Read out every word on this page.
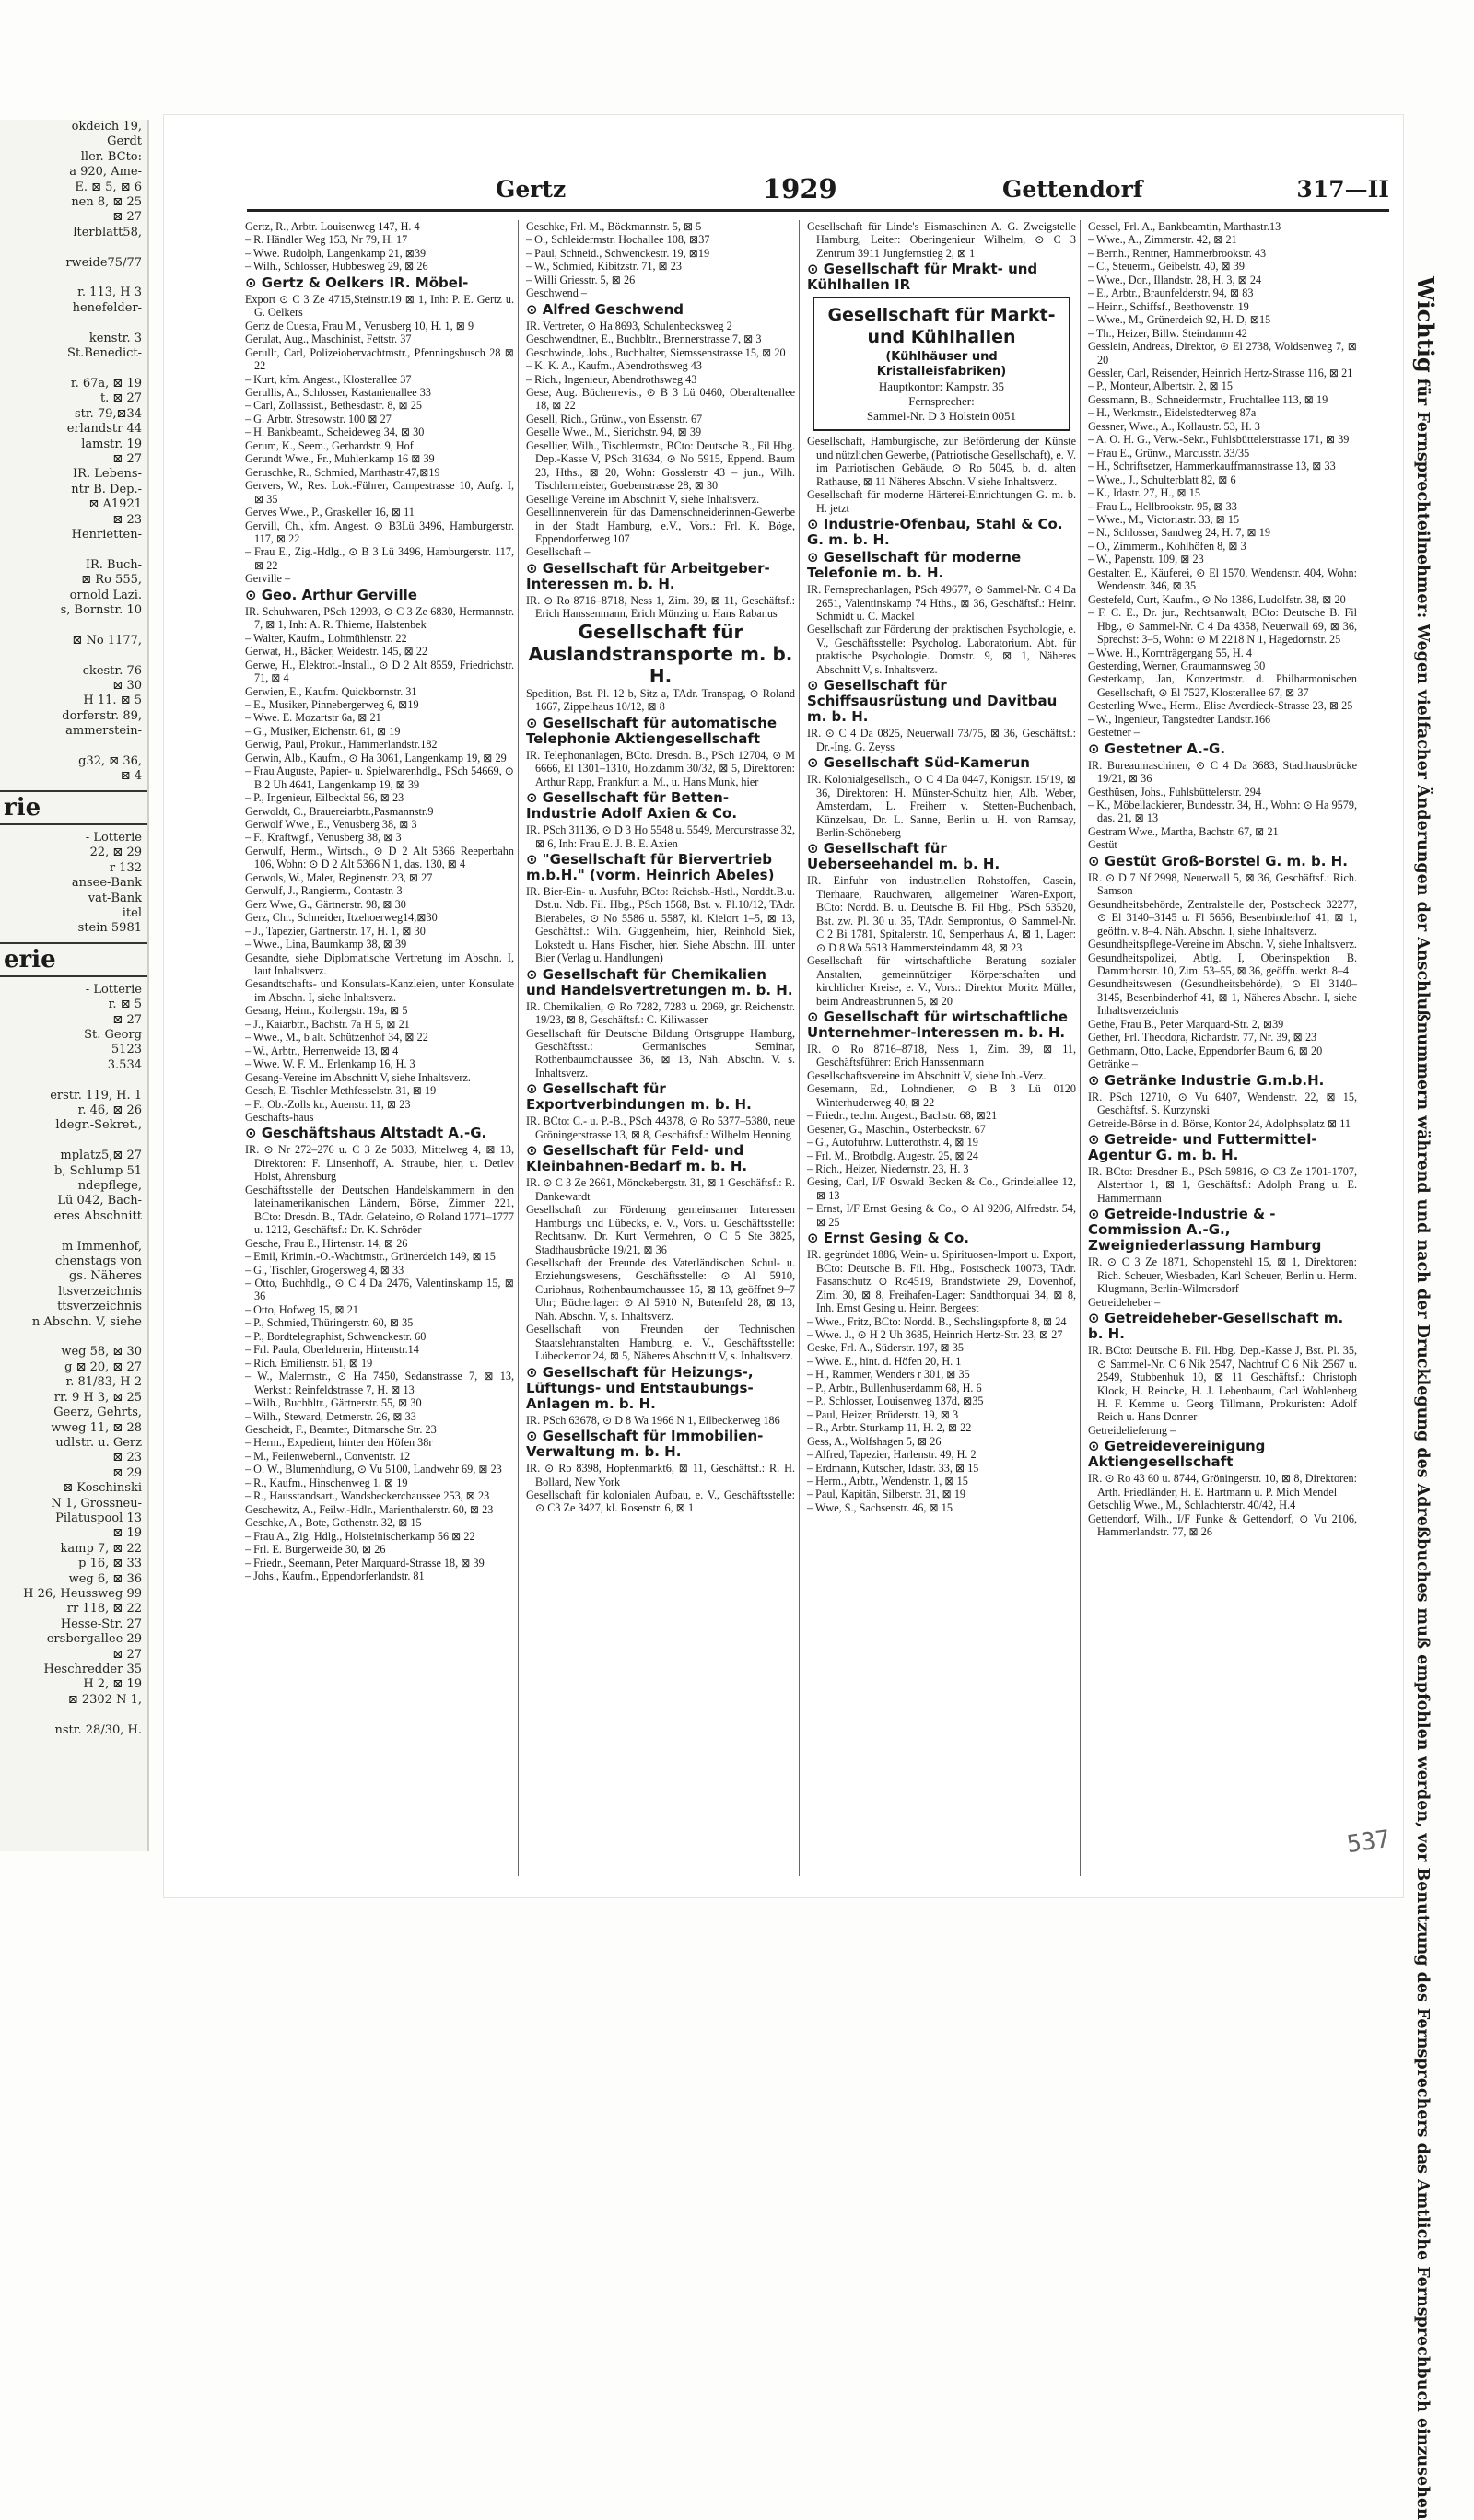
okdeich 19,
Gerdt
ller. BCto:
a 920, Ame-
E. ⊠ 5, ⊠ 6
nen 8, ⊠ 25
⊠ 27
lterblatt58,

rweide75/77

r. 113, H 3
henefelder-

kenstr. 3
St.Benedict-

r. 67a, ⊠ 19
t. ⊠ 27
str. 79,⊠34
erlandstr 44
lamstr. 19
⊠ 27
IR. Lebens-
ntr B. Dep.-
⊠ A1921
⊠ 23
Henrietten-

IR. Buch-
⊠ Ro 555,
ornold Lazi.
s, Bornstr. 10

⊠ No 1177,

ckestr. 76
⊠ 30
H 11. ⊠ 5
dorferstr. 89,
ammerstein-

g32, ⊠ 36,
⊠ 4
rie
- Lotterie
22, ⊠ 29
r 132
ansee-Bank
vat-Bank
itel
stein 5981
erie
- Lotterie
r. ⊠ 5
⊠ 27
St. Georg
5123
3.534

erstr. 119, H. 1
r. 46, ⊠ 26
ldegr.-Sekret.,

mplatz5,⊠ 27
b, Schlump 51
ndepflege,
Lü 042, Bach-
eres Abschnitt

m Immenhof,
chenstags von
gs. Näheres
ltsverzeichnis
ttsverzeichnis
n Abschn. V, siehe

weg 58, ⊠ 30
g ⊠ 20, ⊠ 27
r. 81/83, H 2
rr. 9 H 3, ⊠ 25
Geerz, Gehrts,
wweg 11, ⊠ 28
udlstr. u. Gerz
⊠ 23
⊠ 29
⊠ Koschinski
N 1, Grossneu-
Pilatuspool 13
⊠ 19
kamp 7, ⊠ 22
p 16, ⊠ 33
weg 6, ⊠ 36
H 26, Heussweg 99
rr 118, ⊠ 22
Hesse-Str. 27
ersbergallee 29
⊠ 27
Heschredder 35
H 2, ⊠ 19
⊠ 2302 N 1,

nstr. 28/30, H.
Gertz	1929	Gettendorf	317—II
Gertz, R., Arbtr. Louisenweg 147, H. 4
– R. Händler Weg 153, Nr 79, H. 17
– Wwe. Rudolph, Langenkamp 21, ⊠39
– Wilh., Schlosser, Hubbesweg 29, ⊠ 26
⊙ Gertz & Oelkers IR. Möbel-
Export ⊙ C 3 Ze 4715,Steinstr.19 ⊠ 1, Inh: P. E. Gertz u. G. Oelkers
Gertz de Cuesta, Frau M., Venusberg 10, H. 1, ⊠ 9
Gerulat, Aug., Maschinist, Fettstr. 37
Gerullt, Carl, Polizeiobervachtmstr., Pfenningsbusch 28 ⊠ 22
– Kurt, kfm. Angest., Klosterallee 37
Gerullis, A., Schlosser, Kastanienallee 33
– Carl, Zollassist., Bethesdastr. 8, ⊠ 25
– G. Arbtr. Stresowstr. 100 ⊠ 27
– H. Bankbeamt., Scheideweg 34, ⊠ 30
Gerum, K., Seem., Gerhardstr. 9, Hof
Gerundt Wwe., Fr., Muhlenkamp 16 ⊠ 39
Geruschke, R., Schmied, Marthastr.47,⊠19
Gervers, W., Res. Lok.-Führer, Campestrasse 10, Aufg. I, ⊠ 35
Gerves Wwe., P., Graskeller 16, ⊠ 11
Gervill, Ch., kfm. Angest. ⊙ B3Lü 3496, Hamburgerstr. 117, ⊠ 22
– Frau E., Zig.-Hdlg., ⊙ B 3 Lü 3496, Hamburgerstr. 117, ⊠ 22
Gerville –
⊙ Geo. Arthur Gerville
IR. Schuhwaren, PSch 12993, ⊙ C 3 Ze 6830, Hermannstr. 7, ⊠ 1, Inh: A. R. Thieme, Halstenbek
– Walter, Kaufm., Lohmühlenstr. 22
Gerwat, H., Bäcker, Weidestr. 145, ⊠ 22
Gerwe, H., Elektrot.-Install., ⊙ D 2 Alt 8559, Friedrichstr. 71, ⊠ 4
Gerwien, E., Kaufm. Quickbornstr. 31
– E., Musiker, Pinnebergerweg 6, ⊠19
– Wwe. E. Mozartstr 6a, ⊠ 21
– G., Musiker, Eichenstr. 61, ⊠ 19
Gerwig, Paul, Prokur., Hammerlandstr.182
Gerwin, Alb., Kaufm., ⊙ Ha 3061, Langenkamp 19, ⊠ 29
– Frau Auguste, Papier- u. Spielwarenhdlg., PSch 54669, ⊙ B 2 Uh 4641, Langenkamp 19, ⊠ 39
– P., Ingenieur, Eilbecktal 56, ⊠ 23
Gerwoldt, C., Brauereiarbtr.,Pasmannstr.9
Gerwolf Wwe., E., Venusberg 38, ⊠ 3
– F., Kraftwgf., Venusberg 38, ⊠ 3
Gerwulf, Herm., Wirtsch., ⊙ D 2 Alt 5366 Reeperbahn 106, Wohn: ⊙ D 2 Alt 5366 N 1, das. 130, ⊠ 4
Gerwols, W., Maler, Reginenstr. 23, ⊠ 27
Gerwulf, J., Rangierm., Contastr. 3
Gerz Wwe, G., Gärtnerstr. 98, ⊠ 30
Gerz, Chr., Schneider, Itzehoerweg14,⊠30
– J., Tapezier, Gartnerstr. 17, H. 1, ⊠ 30
– Wwe., Lina, Baumkamp 38, ⊠ 39
Gesandte, siehe Diplomatische Vertretung im Abschn. I, laut Inhaltsverz.
Gesandtschafts- und Konsulats-Kanzleien, unter Konsulate im Abschn. I, siehe Inhaltsverz.
Gesang, Heinr., Kollergstr. 19a, ⊠ 5
– J., Kaiarbtr., Bachstr. 7a H 5, ⊠ 21
– Wwe., M., b alt. Schützenhof 34, ⊠ 22
– W., Arbtr., Herrenweide 13, ⊠ 4
– Wwe. W. F. M., Erlenkamp 16, H. 3
Gesang-Vereine im Abschnitt V, siehe Inhaltsverz.
Gesch, E. Tischler Methfesselstr. 31, ⊠ 19
– F., Ob.-Zolls kr., Auenstr. 11, ⊠ 23
Geschäfts-haus
⊙ Geschäftshaus Altstadt A.-G.
IR. ⊙ Nr 272–276 u. C 3 Ze 5033, Mittelweg 4, ⊠ 13, Direktoren: F. Linsenhoff, A. Straube, hier, u. Detlev Holst, Ahrensburg
Geschäftsstelle der Deutschen Handelskammern in den lateinamerikanischen Ländern, Börse, Zimmer 221, BCto: Dresdn. B., TAdr. Gelateino, ⊙ Roland 1771–1777 u. 1212, Geschäftsf.: Dr. K. Schröder
Gesche, Frau E., Hirtenstr. 14, ⊠ 26
– Emil, Krimin.-O.-Wachtmstr., Grünerdeich 149, ⊠ 15
– G., Tischler, Grogersweg 4, ⊠ 33
– Otto, Buchhdlg., ⊙ C 4 Da 2476, Valentinskamp 15, ⊠ 36
– Otto, Hofweg 15, ⊠ 21
– P., Schmied, Thüringerstr. 60, ⊠ 35
– P., Bordtelegraphist, Schwenckestr. 60
– Frl. Paula, Oberlehrerin, Hirtenstr.14
– Rich. Emilienstr. 61, ⊠ 19
– W., Malermstr., ⊙ Ha 7450, Sedanstrasse 7, ⊠ 13, Werkst.: Reinfeldstrasse 7, H. ⊠ 13
– Wilh., Buchbltr., Gärtnerstr. 55, ⊠ 30
– Wilh., Steward, Detmerstr. 26, ⊠ 33
Gescheidt, F., Beamter, Ditmarsche Str. 23
– Herm., Expedient, hinter den Höfen 38r
– M., Feilenwebernl., Conventstr. 12
– O. W., Blumenhdlung, ⊙ Vu 5100, Landwehr 69, ⊠ 23
– R., Kaufm., Hinschenweg 1, ⊠ 19
– R., Hausstandsart., Wandsbeckerchaussee 253, ⊠ 23
Geschewitz, A., Feilw.-Hdlr., Marienthalerstr. 60, ⊠ 23
Geschke, A., Bote, Gothenstr. 32, ⊠ 15
– Frau A., Zig. Hdlg., Holsteinischerkamp 56 ⊠ 22
– Frl. E. Bürgerweide 30, ⊠ 26
– Friedr., Seemann, Peter Marquard-Strasse 18, ⊠ 39
– Johs., Kaufm., Eppendorferlandstr. 81
Geschke, Frl. M., Böckmannstr. 5, ⊠ 5
– O., Schleidermstr. Hochallee 108, ⊠37
– Paul, Schneid., Schwenckestr. 19, ⊠19
– W., Schmied, Kibitzstr. 71, ⊠ 23
– Willi Griesstr. 5, ⊠ 26
Geschwend –
⊙ Alfred Geschwend
IR. Vertreter, ⊙ Ha 8693, Schulenbecksweg 2
Geschwendtner, E., Buchbltr., Brennerstrasse 7, ⊠ 3
Geschwinde, Johs., Buchhalter, Siemssenstrasse 15, ⊠ 20
– K. K. A., Kaufm., Abendrothsweg 43
– Rich., Ingenieur, Abendrothsweg 43
Gese, Aug. Bücherrevis., ⊙ B 3 Lü 0460, Oberaltenallee 18, ⊠ 22
Gesell, Rich., Grünw., von Essenstr. 67
Geselle Wwe., M., Sierichstr. 94, ⊠ 39
Gesellier, Wilh., Tischlermstr., BCto: Deutsche B., Fil Hbg. Dep.-Kasse V, PSch 31634, ⊙ No 5915, Eppend. Baum 23, Hths., ⊠ 20, Wohn: Gosslerstr 43 – jun., Wilh. Tischlermeister, Goebenstrasse 28, ⊠ 30
Gesellige Vereine im Abschnitt V, siehe Inhaltsverz.
Gesellinnenverein für das Damenschneiderinnen-Gewerbe in der Stadt Hamburg, e.V., Vors.: Frl. K. Böge, Eppendorferweg 107
Gesellschaft –
⊙ Gesellschaft für Arbeitgeber-Interessen m. b. H.
IR. ⊙ Ro 8716–8718, Ness 1, Zim. 39, ⊠ 11, Geschäftsf.: Erich Hanssenmann, Erich Münzing u. Hans Rabanus
Gesellschaft für Auslandstransporte m. b. H.
Spedition, Bst. Pl. 12 b, Sitz a, TAdr. Transpag, ⊙ Roland 1667, Zippelhaus 10/12, ⊠ 8
⊙ Gesellschaft für automatische Telephonie Aktiengesellschaft
IR. Telephonanlagen, BCto. Dresdn. B., PSch 12704, ⊙ M 6666, El 1301–1310, Holzdamm 30/32, ⊠ 5, Direktoren: Arthur Rapp, Frankfurt a. M., u. Hans Munk, hier
⊙ Gesellschaft für Betten-Industrie Adolf Axien & Co.
IR. PSch 31136, ⊙ D 3 Ho 5548 u. 5549, Mercurstrasse 32, ⊠ 6, Inh: Frau E. J. B. E. Axien
⊙ "Gesellschaft für Biervertrieb m.b.H." (vorm. Heinrich Abeles)
IR. Bier-Ein- u. Ausfuhr, BCto: Reichsb.-Hstl., Norddt.B.u. Dst.u. Ndb. Fil. Hbg., PSch 1568, Bst. v. Pl.10/12, TAdr. Bierabeles, ⊙ No 5586 u. 5587, kl. Kielort 1–5, ⊠ 13, Geschäftsf.: Wilh. Guggenheim, hier, Reinhold Siek, Lokstedt u. Hans Fischer, hier. Siehe Abschn. III. unter Bier (Verlag u. Handlungen)
⊙ Gesellschaft für Chemikalien und Handelsvertretungen m. b. H.
IR. Chemikalien, ⊙ Ro 7282, 7283 u. 2069, gr. Reichenstr. 19/23, ⊠ 8, Geschäftsf.: C. Kiliwasser
Gesellschaft für Deutsche Bildung Ortsgruppe Hamburg, Geschäftsst.: Germanisches Seminar, Rothenbaumchaussee 36, ⊠ 13, Näh. Abschn. V. s. Inhaltsverz.
⊙ Gesellschaft für Exportverbindungen m. b. H.
IR. BCto: C.- u. P.-B., PSch 44378, ⊙ Ro 5377–5380, neue Gröningerstrasse 13, ⊠ 8, Geschäftsf.: Wilhelm Henning
⊙ Gesellschaft für Feld- und Kleinbahnen-Bedarf m. b. H.
IR. ⊙ C 3 Ze 2661, Mönckebergstr. 31, ⊠ 1 Geschäftsf.: R. Dankewardt
Gesellschaft zur Förderung gemeinsamer Interessen Hamburgs und Lübecks, e. V., Vors. u. Geschäftsstelle: Rechtsanw. Dr. Kurt Vermehren, ⊙ C 5 Ste 3825, Stadthausbrücke 19/21, ⊠ 36
Gesellschaft der Freunde des Vaterländischen Schul- u. Erziehungswesens, Geschäftsstelle: ⊙ Al 5910, Curiohaus, Rothenbaumchaussee 15, ⊠ 13, geöffnet 9–7 Uhr; Bücherlager: ⊙ Al 5910 N, Butenfeld 28, ⊠ 13, Näh. Abschn. V, s. Inhaltsverz.
Gesellschaft von Freunden der Technischen Staatslehranstalten Hamburg, e. V., Geschäftsstelle: Lübeckertor 24, ⊠ 5, Näheres Abschnitt V, s. Inhaltsverz.
⊙ Gesellschaft für Heizungs-, Lüftungs- und Entstaubungs-Anlagen m. b. H.
IR. PSch 63678, ⊙ D 8 Wa 1966 N 1, Eilbeckerweg 186
⊙ Gesellschaft für Immobilien-Verwaltung m. b. H.
IR. ⊙ Ro 8398, Hopfenmarkt6, ⊠ 11, Geschäftsf.: R. H. Bollard, New York
Gesellschaft für kolonialen Aufbau, e. V., Geschäftsstelle: ⊙ C3 Ze 3427, kl. Rosenstr. 6, ⊠ 1
Gesellschaft für Linde's Eismaschinen A. G. Zweigstelle Hamburg, Leiter: Oberingenieur Wilhelm, ⊙ C 3 Zentrum 3911 Jungfernstieg 2, ⊠ 1
⊙ Gesellschaft für Mrakt- und Kühlhallen IR
Gesellschaft für Markt- und Kühlhallen
(Kühlhäuser und Kristalleisfabriken)
Hauptkontor: Kampstr. 35
Fernsprecher:
Sammel-Nr. D 3 Holstein 0051
Gesellschaft, Hamburgische, zur Beförderung der Künste und nützlichen Gewerbe, (Patriotische Gesellschaft), e. V. im Patriotischen Gebäude, ⊙ Ro 5045, b. d. alten Rathause, ⊠ 11 Näheres Abschn. V siehe Inhaltsverz.
Gesellschaft für moderne Härterei-Einrichtungen G. m. b. H. jetzt
⊙ Industrie-Ofenbau, Stahl & Co. G. m. b. H.
⊙ Gesellschaft für moderne Telefonie m. b. H.
IR. Fernsprechanlagen, PSch 49677, ⊙ Sammel-Nr. C 4 Da 2651, Valentinskamp 74 Hths., ⊠ 36, Geschäftsf.: Heinr. Schmidt u. C. Mackel
Gesellschaft zur Förderung der praktischen Psychologie, e. V., Geschäftsstelle: Psycholog. Laboratorium. Abt. für praktische Psychologie. Domstr. 9, ⊠ 1, Näheres Abschnitt V, s. Inhaltsverz.
⊙ Gesellschaft für Schiffsausrüstung und Davitbau m. b. H.
IR. ⊙ C 4 Da 0825, Neuerwall 73/75, ⊠ 36, Geschäftsf.: Dr.-Ing. G. Zeyss
⊙ Gesellschaft Süd-Kamerun
IR. Kolonialgesellsch., ⊙ C 4 Da 0447, Königstr. 15/19, ⊠ 36, Direktoren: H. Münster-Schultz hier, Alb. Weber, Amsterdam, L. Freiherr v. Stetten-Buchenbach, Künzelsau, Dr. L. Sanne, Berlin u. H. von Ramsay, Berlin-Schöneberg
⊙ Gesellschaft für Ueberseehandel m. b. H.
IR. Einfuhr von industriellen Rohstoffen, Casein, Tierhaare, Rauchwaren, allgemeiner Waren-Export, BCto: Nordd. B. u. Deutsche B. Fil Hbg., PSch 53520, Bst. zw. Pl. 30 u. 35, TAdr. Semprontus, ⊙ Sammel-Nr. C 2 Bi 1781, Spitalerstr. 10, Semperhaus A, ⊠ 1, Lager: ⊙ D 8 Wa 5613 Hammersteindamm 48, ⊠ 23
Gesellschaft für wirtschaftliche Beratung sozialer Anstalten, gemeinnütziger Körperschaften und kirchlicher Kreise, e. V., Vors.: Direktor Moritz Müller, beim Andreasbrunnen 5, ⊠ 20
⊙ Gesellschaft für wirtschaftliche Unternehmer-Interessen m. b. H.
IR. ⊙ Ro 8716–8718, Ness 1, Zim. 39, ⊠ 11, Geschäftsführer: Erich Hanssenmann
Gesellschaftsvereine im Abschnitt V, siehe Inh.-Verz.
Gesemann, Ed., Lohndiener, ⊙ B 3 Lü 0120 Winterhuderweg 40, ⊠ 22
– Friedr., techn. Angest., Bachstr. 68, ⊠21
Gesener, G., Maschin., Osterbeckstr. 67
– G., Autofuhrw. Lutterothstr. 4, ⊠ 19
– Frl. M., Brotbdlg. Augestr. 25, ⊠ 24
– Rich., Heizer, Niedernstr. 23, H. 3
Gesing, Carl, I/F Oswald Becken & Co., Grindelallee 12, ⊠ 13
– Ernst, I/F Ernst Gesing & Co., ⊙ Al 9206, Alfredstr. 54, ⊠ 25
⊙ Ernst Gesing & Co.
IR. gegründet 1886, Wein- u. Spirituosen-Import u. Export, BCto: Deutsche B. Fil. Hbg., Postscheck 10073, TAdr. Fasanschutz ⊙ Ro4519, Brandstwiete 29, Dovenhof, Zim. 30, ⊠ 8, Freihafen-Lager: Sandthorquai 34, ⊠ 8, Inh. Ernst Gesing u. Heinr. Bergeest
– Wwe., Fritz, BCto: Nordd. B., Sechslingspforte 8, ⊠ 24
– Wwe. J., ⊙ H 2 Uh 3685, Heinrich Hertz-Str. 23, ⊠ 27
Geske, Frl. A., Süderstr. 197, ⊠ 35
– Wwe. E., hint. d. Höfen 20, H. 1
– H., Rammer, Wenders r 301, ⊠ 35
– P., Arbtr., Bullenhuserdamm 68, H. 6
– P., Schlosser, Louisenweg 137d, ⊠35
– Paul, Heizer, Brüderstr. 19, ⊠ 3
– R., Arbtr. Sturkamp 11, H. 2, ⊠ 22
Gess, A., Wolfshagen 5, ⊠ 26
– Alfred, Tapezier, Harlenstr. 49, H. 2
– Erdmann, Kutscher, Idastr. 33, ⊠ 15
– Herm., Arbtr., Wendenstr. 1, ⊠ 15
– Paul, Kapitän, Silberstr. 31, ⊠ 19
– Wwe, S., Sachsenstr. 46, ⊠ 15
Gessel, Frl. A., Bankbeamtin, Marthastr.13
– Wwe., A., Zimmerstr. 42, ⊠ 21
– Bernh., Rentner, Hammerbrookstr. 43
– C., Steuerm., Geibelstr. 40, ⊠ 39
– Wwe., Dor., Illandstr. 28, H. 3, ⊠ 24
– E., Arbtr., Braunfelderstr. 94, ⊠ 83
– Heinr., Schiffsf., Beethovenstr. 19
– Wwe., M., Grünerdeich 92, H. D, ⊠15
– Th., Heizer, Billw. Steindamm 42
Gesslein, Andreas, Direktor, ⊙ El 2738, Woldsenweg 7, ⊠ 20
Gessler, Carl, Reisender, Heinrich Hertz-Strasse 116, ⊠ 21
– P., Monteur, Albertstr. 2, ⊠ 15
Gessmann, B., Schneidermstr., Fruchtallee 113, ⊠ 19
– H., Werkmstr., Eidelstedterweg 87a
Gessner, Wwe., A., Kollaustr. 53, H. 3
– A. O. H. G., Verw.-Sekr., Fuhlsbüttelerstrasse 171, ⊠ 39
– Frau E., Grünw., Marcusstr. 33/35
– H., Schriftsetzer, Hammerkauffmannstrasse 13, ⊠ 33
– Wwe., J., Schulterblatt 82, ⊠ 6
– K., Idastr. 27, H., ⊠ 15
– Frau L., Hellbrookstr. 95, ⊠ 33
– Wwe., M., Victoriastr. 33, ⊠ 15
– N., Schlosser, Sandweg 24, H. 7, ⊠ 19
– O., Zimmerm., Kohlhöfen 8, ⊠ 3
– W., Papenstr. 109, ⊠ 23
Gestalter, E., Käuferei, ⊙ El 1570, Wendenstr. 404, Wohn: Wendenstr. 346, ⊠ 35
Gestefeld, Curt, Kaufm., ⊙ No 1386, Ludolfstr. 38, ⊠ 20
– F. C. E., Dr. jur., Rechtsanwalt, BCto: Deutsche B. Fil Hbg., ⊙ Sammel-Nr. C 4 Da 4358, Neuerwall 69, ⊠ 36, Sprechst: 3–5, Wohn: ⊙ M 2218 N 1, Hagedornstr. 25
– Wwe. H., Kornträgergang 55, H. 4
Gesterding, Werner, Graumannsweg 30
Gesterkamp, Jan, Konzertmstr. d. Philharmonischen Gesellschaft, ⊙ El 7527, Klosterallee 67, ⊠ 37
Gesterling Wwe., Herm., Elise Averdieck-Strasse 23, ⊠ 25
– W., Ingenieur, Tangstedter Landstr.166
Gestetner –
⊙ Gestetner A.-G.
IR. Bureaumaschinen, ⊙ C 4 Da 3683, Stadthausbrücke 19/21, ⊠ 36
Gesthüsen, Johs., Fuhlsbüttelerstr. 294
– K., Möbellackierer, Bundesstr. 34, H., Wohn: ⊙ Ha 9579, das. 21, ⊠ 13
Gestram Wwe., Martha, Bachstr. 67, ⊠ 21
Gestüt
⊙ Gestüt Groß-Borstel G. m. b. H.
IR. ⊙ D 7 Nf 2998, Neuerwall 5, ⊠ 36, Geschäftsf.: Rich. Samson
Gesundheitsbehörde, Zentralstelle der, Postscheck 32277, ⊙ El 3140–3145 u. Fl 5656, Besenbinderhof 41, ⊠ 1, geöffn. v. 8–4. Näh. Abschn. I, siehe Inhaltsverz.
Gesundheitspflege-Vereine im Abschn. V, siehe Inhaltsverz.
Gesundheitspolizei, Abtlg. I, Oberinspektion B. Dammthorstr. 10, Zim. 53–55, ⊠ 36, geöffn. werkt. 8–4
Gesundheitswesen (Gesundheitsbehörde), ⊙ El 3140–3145, Besenbinderhof 41, ⊠ 1, Näheres Abschn. I, siehe Inhaltsverzeichnis
Gethe, Frau B., Peter Marquard-Str. 2, ⊠39
Gether, Frl. Theodora, Richardstr. 77, Nr. 39, ⊠ 23
Gethmann, Otto, Lacke, Eppendorfer Baum 6, ⊠ 20
Getränke –
⊙ Getränke Industrie G.m.b.H.
IR. PSch 12710, ⊙ Vu 6407, Wendenstr. 22, ⊠ 15, Geschäftsf. S. Kurzynski
Getreide-Börse in d. Börse, Kontor 24, Adolphsplatz ⊠ 11
⊙ Getreide- und Futtermittel-Agentur G. m. b. H.
IR. BCto: Dresdner B., PSch 59816, ⊙ C3 Ze 1701-1707, Alsterthor 1, ⊠ 1, Geschäftsf.: Adolph Prang u. E. Hammermann
⊙ Getreide-Industrie & -Commission A.-G., Zweigniederlassung Hamburg
IR. ⊙ C 3 Ze 1871, Schopenstehl 15, ⊠ 1, Direktoren: Rich. Scheuer, Wiesbaden, Karl Scheuer, Berlin u. Herm. Klugmann, Berlin-Wilmersdorf
Getreideheber –
⊙ Getreideheber-Gesellschaft m. b. H.
IR. BCto: Deutsche B. Fil. Hbg. Dep.-Kasse J, Bst. Pl. 35, ⊙ Sammel-Nr. C 6 Nik 2547, Nachtruf C 6 Nik 2567 u. 2549, Stubbenhuk 10, ⊠ 11 Geschäftsf.: Christoph Klock, H. Reincke, H. J. Lebenbaum, Carl Wohlenberg H. F. Kemme u. Georg Tillmann, Prokuristen: Adolf Reich u. Hans Donner
Getreidelieferung –
⊙ Getreidevereinigung Aktiengesellschaft
IR. ⊙ Ro 43 60 u. 8744, Gröningerstr. 10, ⊠ 8, Direktoren: Arth. Friedländer, H. E. Hartmann u. P. Mich Mendel
Getschlig Wwe., M., Schlachterstr. 40/42, H.4
Gettendorf, Wilh., I/F Funke & Gettendorf, ⊙ Vu 2106, Hammerlandstr. 77, ⊠ 26
Wichtig für Fernsprechteilnehmer: Wegen vielfacher Änderungen der Anschlußnummern während und nach der Drucklegung des Adreßbuches muß empfohlen werden, vor Benutzung des Fernsprechers das Amtliche Fernsprechbuch einzusehen
537
